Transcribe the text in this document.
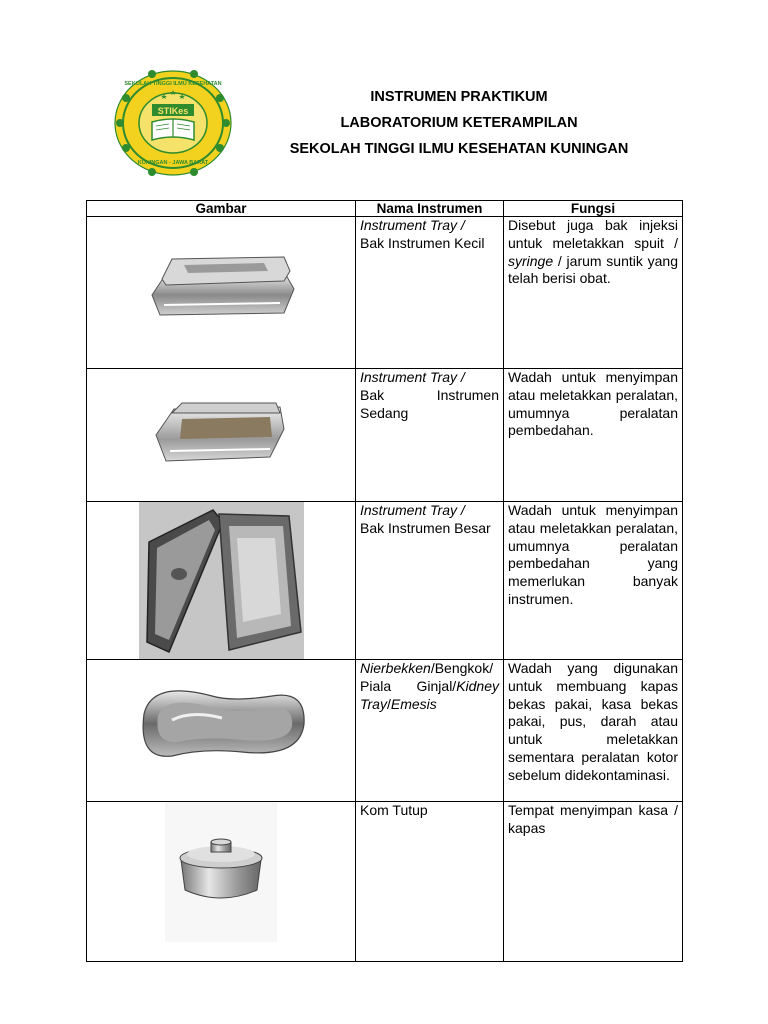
STIKes
KUNINGAN - JAWA BARAT
SEKOLAH TINGGI ILMU KESEHATAN
INSTRUMEN PRAKTIKUM
LABORATORIUM KETERAMPILAN
SEKOLAH TINGGI ILMU KESEHATAN KUNINGAN
Gambar	Nama Instrumen	Fungsi

	Instrument Tray /
Bak Instrumen Kecil	Disebut juga bak injeksi untuk meletakkan spuit / syringe / jarum suntik yang telah berisi obat.

	Instrument Tray /

Bak Instrumen
Sedang	Wadah untuk menyimpan atau meletakkan peralatan, umumnya peralatan pembedahan.

	Instrument Tray /
Bak Instrumen Besar	Wadah untuk menyimpan atau meletakkan peralatan, umumnya peralatan pembedahan yang memerlukan banyak instrumen.

	Nierbekken/Bengkok/ Piala Ginjal/Kidney Tray/Emesis	Wadah yang digunakan untuk membuang kapas bekas pakai, kasa bekas pakai, pus, darah atau untuk meletakkan sementara peralatan kotor sebelum didekontaminasi.

	Kom Tutup	Tempat menyimpan kasa / kapas
